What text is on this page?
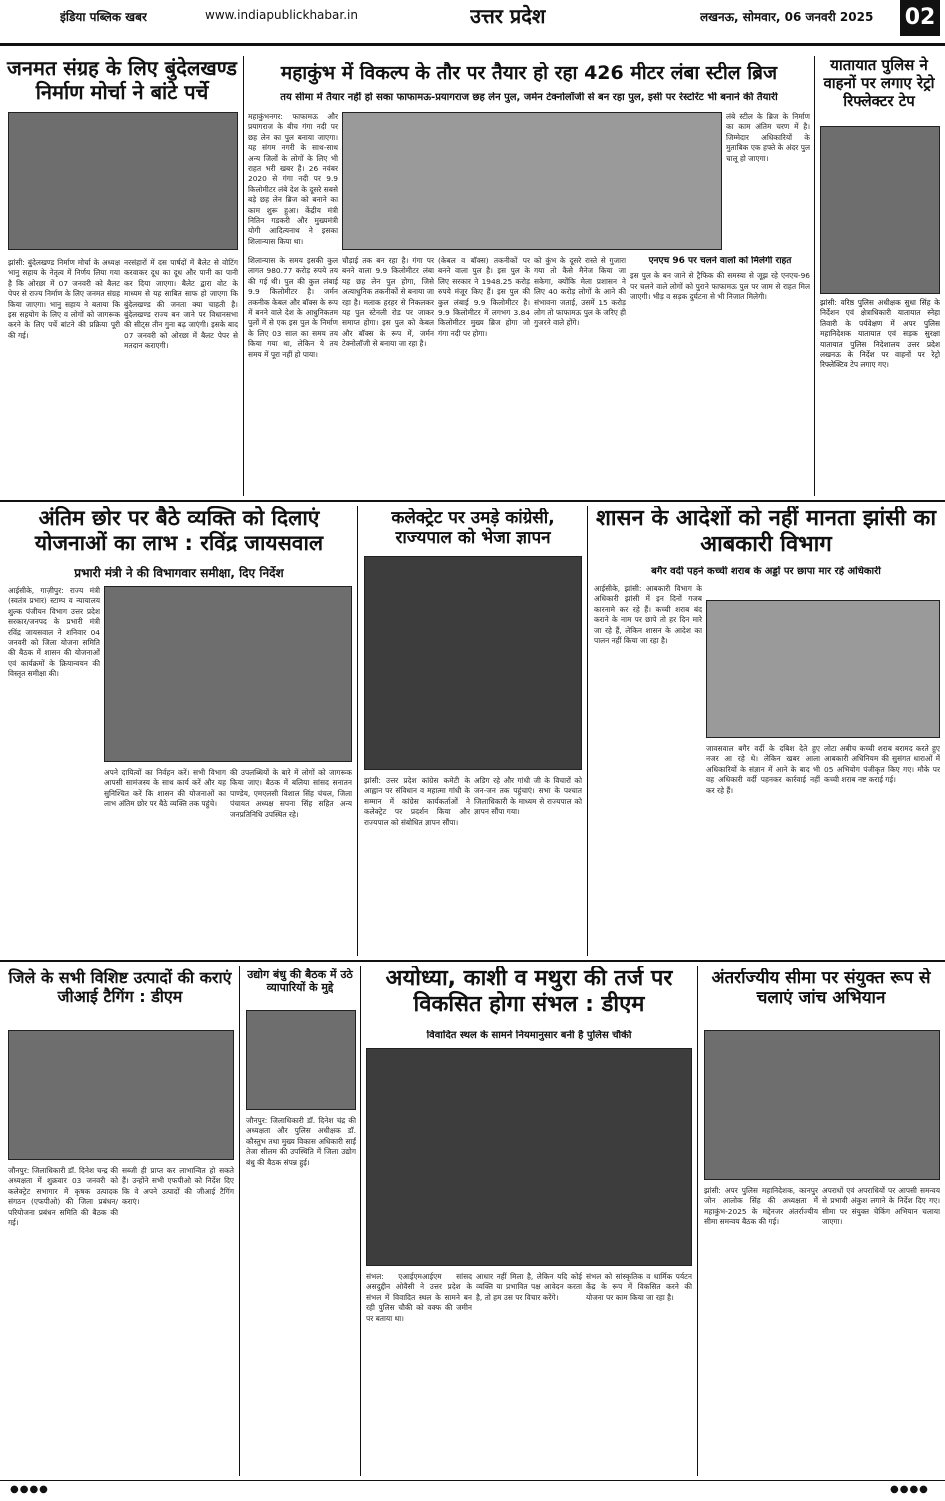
इंडिया पब्लिक खबर	www.indiapublickhabar.in	उत्तर प्रदेश	लखनऊ, सोमवार, 06 जनवरी 2025 02
जनमत संग्रह के लिए बुंदेलखण्ड निर्माण मोर्चा ने बांटे पर्चे
झांसी: बुंदेलखण्ड निर्माण मोर्चा के अध्यक्ष भानु सहाय के नेतृत्व में निर्णय लिया गया है कि ओरछा में 07 जनवरी को बैलट पेपर से राज्य निर्माण के लिए जनमत संग्रह किया जाएगा। भानु सहाय ने बताया कि इस सहयोग के लिए व लोगों को जागरूक करने के लिए पर्चे बांटने की प्रक्रिया पूरी की गई।
नरसंहारों में दस पार्षदों में बैलेट से वोटिंग करवाकर दूध का दूध और पानी का पानी कर दिया जाएगा। बैलेट द्वारा वोट के माध्यम से यह साबित साफ हो जाएगा कि बुंदेलखण्ड की जनता क्या चाहती है। बुंदेलखण्ड राज्य बन जाने पर विधानसभा की सीट्स तीन गुना बढ़ जाएंगी। इसके बाद 07 जनवरी को ओरछा में बैलट पेपर से मतदान कराएगी।
महाकुंभ में विकल्प के तौर पर तैयार हो रहा 426 मीटर लंबा स्टील ब्रिज
तय सीमा में तैयार नहीं हो सका फाफामऊ-प्रयागराज छह लेन पुल, जर्मन टेक्नोलॉजी से बन रहा पुल, इसी पर रेस्टोरेंट भी बनाने की तैयारी
महाकुंभनगर: फाफामऊ और प्रयागराज के बीच गंगा नदी पर छह लेन का पुल बनाया जाएगा। यह संगम नगरी के साथ-साथ अन्य जिलों के लोगों के लिए भी राहत भरी खबर है। 26 नवंबर 2020 से गंगा नदी पर 9.9 किलोमीटर लंबे देश के दूसरे सबसे बड़े छह लेन ब्रिज को बनाने का काम शुरू हुआ। केंद्रीय मंत्री नितिन गडकरी और मुख्यमंत्री योगी आदित्यनाथ ने इसका शिलान्यास किया था।
लंबे स्टील के ब्रिज के निर्माण का काम अंतिम चरण में है। जिम्मेदार अधिकारियों के मुताबिक एक हफ्ते के अंदर पुल चालू हो जाएगा।
शिलान्यास के समय इसकी कुल लागत 980.77 करोड़ रुपये तय की गई थी। पुल की कुल लंबाई 9.9 किलोमीटर है। जर्मन तकनीक केबल और बॉक्स के रूप में बनने वाले देश के आधुनिकतम पुलों में से एक इस पुल के निर्माण के लिए 03 साल का समय तय किया गया था, लेकिन ये तय समय में पूरा नहीं हो पाया।
चौड़ाई तक बन रहा है। गंगा पर बनने वाला 9.9 किलोमीटर लंबा यह छह लेन पुल होगा, जिसे अत्याधुनिक तकनीकों से बनाया जा रहा है। मलाक हरहर से निकलकर यह पुल स्टेनली रोड पर जाकर समाप्त होगा। इस पुल को केबल और बॉक्स के रूप में, जर्मन टेक्नोलॉजी से बनाया जा रहा है।
(केबल व बॉक्स) तकनीकों पर बनने वाला पुल है। इस पुल के लिए सरकार ने 1948.25 करोड़ रुपये मंजूर किए हैं। इस पुल की कुल लंबाई 9.9 किलोमीटर है। 9.9 किलोमीटर में लगभग 3.84 किलोमीटर मुख्य ब्रिज होगा जो गंगा नदी पर होगा।
को कुंभ के दूसरे रास्ते से गुजारा गया तो कैसे मैनेज किया जा सकेगा, क्योंकि मेला प्रशासन ने लिए 40 करोड़ लोगों के आने की संभावना जताई, उसमें 15 करोड़ लोग तो फाफामऊ पुल के जरिए ही गुजरने वाले होंगे।
एनएच 96 पर चलने वालों को मिलेगी राहत
इस पुल के बन जाने से ट्रैफिक की समस्या से जूझ रहे एनएच-96 पर चलने वाले लोगों को पुराने फाफामऊ पुल पर जाम से राहत मिल जाएगी। भीड़ व सड़क दुर्घटना से भी निजात मिलेगी।
यातायात पुलिस ने वाहनों पर लगाए रेट्रो रिफ्लेक्टर टेप
झांसी: वरिष्ठ पुलिस अधीक्षक सुधा सिंह के निर्देशन एवं क्षेत्राधिकारी यातायात स्नेहा तिवारी के पर्यवेक्षण में अपर पुलिस महानिदेशक यातायात एवं सड़क सुरक्षा यातायात पुलिस निदेशालय उत्तर प्रदेश लखनऊ के निर्देश पर वाहनों पर रेट्रो रिफ्लेक्टिव टेप लगाए गए।
अंतिम छोर पर बैठे व्यक्ति को दिलाएं योजनाओं का लाभ : रविंद्र जायसवाल
प्रभारी मंत्री ने की विभागवार समीक्षा, दिए निर्देश
आईसीके, गाज़ीपुर: राज्य मंत्री (स्वतंत्र प्रभार) स्टाम्प व न्यायालय शुल्क पंजीयन विभाग उत्तर प्रदेश सरकार/जनपद के प्रभारी मंत्री रविंद्र जायसवाल ने शनिवार 04 जनवरी को जिला योजना समिति की बैठक में शासन की योजनाओं एवं कार्यक्रमों के क्रियान्वयन की विस्तृत समीक्षा की।
अपने दायित्वों का निर्वहन करें। सभी विभाग आपसी सामंजस्य के साथ कार्य करें और यह सुनिश्चित करें कि शासन की योजनाओं का लाभ अंतिम छोर पर बैठे व्यक्ति तक पहुंचे।
की उपलब्धियों के बारे में लोगों को जागरूक किया जाए। बैठक में बलिया सांसद सनातन पाण्डेय, एमएलसी विशाल सिंह चंचल, जिला पंचायत अध्यक्ष सपना सिंह सहित अन्य जनप्रतिनिधि उपस्थित रहे।
कलेक्ट्रेट पर उमड़े कांग्रेसी, राज्यपाल को भेजा ज्ञापन
झांसी: उत्तर प्रदेश कांग्रेस कमेटी के आह्वान पर संविधान व महात्मा गांधी के सम्मान में कांग्रेस कार्यकर्ताओं ने कलेक्ट्रेट पर प्रदर्शन किया और राज्यपाल को संबोधित ज्ञापन सौंपा।
अडिग रहे और गांधी जी के विचारों को जन-जन तक पहुंचाएं। सभा के पश्चात जिलाधिकारी के माध्यम से राज्यपाल को ज्ञापन सौंपा गया।
शासन के आदेशों को नहीं मानता झांसी का आबकारी विभाग
बगैर वर्दी पहने कच्ची शराब के अड्डों पर छापा मार रहे अधिकारी
आईसीके, झांसी: आबकारी विभाग के अधिकारी झांसी में इन दिनों गजब कारनामे कर रहे हैं। कच्ची शराब बंद कराने के नाम पर छापे तो हर दिन मारे जा रहे हैं, लेकिन शासन के आदेश का पालन नहीं किया जा रहा है।
जावसवाल बगैर वर्दी के दबिश देते हुए नजर आ रहे थे। लेकिन खबर आला अधिकारियों के संज्ञान में आने के बाद भी वह अधिकारी वर्दी पहनकर कार्रवाई नहीं कर रहे हैं।
लोटा अबीच कच्ची शराब बरामद करते हुए आबकारी अधिनियम की सुसंगत धाराओं में 05 अभियोग पंजीकृत किए गए। मौके पर कच्ची शराब नष्ट कराई गई।
जिले के सभी विशिष्ट उत्पादों की कराएं जीआई टैगिंग : डीएम
जौनपुर: जिलाधिकारी डॉ. दिनेश चन्द्र की अध्यक्षता में शुक्रवार 03 जनवरी को कलेक्ट्रेट सभागार में कृषक उत्पादक संगठन (एफपीओ) की जिला प्रबंधन/परियोजना प्रबंधन समिति की बैठक की गई।
सब्जी ही प्राप्त कर लाभान्वित हो सकते हैं। उन्होंने सभी एफपीओ को निर्देश दिए कि वे अपने उत्पादों की जीआई टैगिंग कराएं।
उद्योग बंधु की बैठक में उठे व्यापारियों के मुद्दे
जौनपुर: जिलाधिकारी डॉ. दिनेश चंद्र की अध्यक्षता और पुलिस अधीक्षक डॉ. कौस्तुभ तथा मुख्य विकास अधिकारी साईं तेजा सीलम की उपस्थिति में जिला उद्योग बंधु की बैठक संपन्न हुई।
अयोध्या, काशी व मथुरा की तर्ज पर विकसित होगा संभल : डीएम
विवादित स्थल के सामने नियमानुसार बनी है पुलिस चौकी
संभल: एआईएमआईएम सांसद असदुद्दीन ओवैसी ने उत्तर प्रदेश के संभल में विवादित स्थल के सामने बन रही पुलिस चौकी को वक्फ की जमीन पर बताया था।
आधार नहीं मिला है, लेकिन यदि कोई व्यक्ति या प्रभावित पक्ष आवेदन करता है, तो हम उस पर विचार करेंगे।
संभल को सांस्कृतिक व धार्मिक पर्यटन केंद्र के रूप में विकसित करने की योजना पर काम किया जा रहा है।
अंतर्राज्यीय सीमा पर संयुक्त रूप से चलाएं जांच अभियान
झांसी: अपर पुलिस महानिदेशक, कानपुर जोन आलोक सिंह की अध्यक्षता में महाकुंभ-2025 के मद्देनजर अंतर्राज्यीय सीमा समन्वय बैठक की गई।
अपराधों एवं अपराधियों पर आपसी समन्वय से प्रभावी अंकुश लगाने के निर्देश दिए गए। सीमा पर संयुक्त चेकिंग अभियान चलाया जाएगा।
●●●●	●●●●
